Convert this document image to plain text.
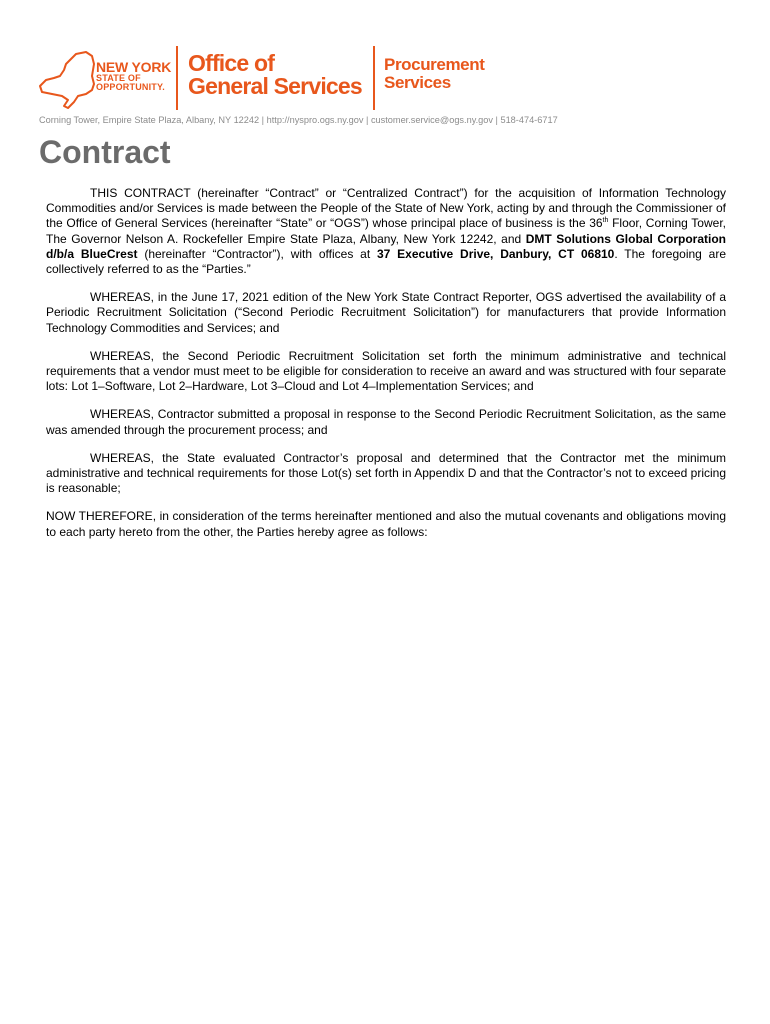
NEW YORK
STATE OF
OPPORTUNITY.
Office of
General Services
Procurement
Services
Corning Tower, Empire State Plaza, Albany, NY 12242 | http://nyspro.ogs.ny.gov | customer.service@ogs.ny.gov | 518-474-6717
Contract

THIS CONTRACT (hereinafter “Contract” or “Centralized Contract”) for the acquisition of Information Technology Commodities and/or Services is made between the People of the State of New York, acting by and through the Commissioner of the Office of General Services (hereinafter “State” or “OGS”) whose principal place of business is the 36th Floor, Corning Tower, The Governor Nelson A. Rockefeller Empire State Plaza, Albany, New York 12242, and DMT Solutions Global Corporation d/b/a BlueCrest (hereinafter “Contractor”), with offices at 37 Executive Drive, Danbury, CT 06810. The foregoing are collectively referred to as the “Parties.”

WHEREAS, in the June 17, 2021 edition of the New York State Contract Reporter, OGS advertised the availability of a Periodic Recruitment Solicitation (“Second Periodic Recruitment Solicitation”) for manufacturers that provide Information Technology Commodities and Services; and

WHEREAS, the Second Periodic Recruitment Solicitation set forth the minimum administrative and technical requirements that a vendor must meet to be eligible for consideration to receive an award and was structured with four separate lots: Lot 1–Software, Lot 2–Hardware, Lot 3–Cloud and Lot 4–Implementation Services; and

WHEREAS, Contractor submitted a proposal in response to the Second Periodic Recruitment Solicitation, as the same was amended through the procurement process; and

WHEREAS, the State evaluated Contractor’s proposal and determined that the Contractor met the minimum administrative and technical requirements for those Lot(s) set forth in Appendix D and that the Contractor’s not to exceed pricing is reasonable;

NOW THEREFORE, in consideration of the terms hereinafter mentioned and also the mutual covenants and obligations moving to each party hereto from the other, the Parties hereby agree as follows:
